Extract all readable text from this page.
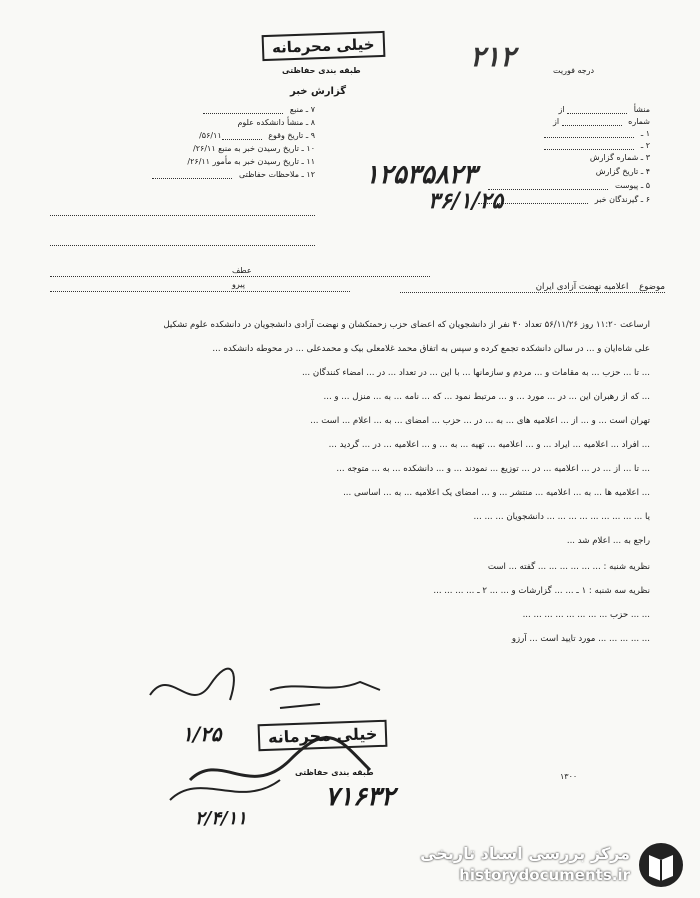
خیلی محرمانه
طبقه بندی حفاظتی
گزارش خبر
۲۱۲	درجه فوریت
۷ ـ منبع
۸ ـ منشأ دانشکده علوم
۹ ـ تاریخ وقوع ۵۶/۱۱/
۱۰ ـ تاریخ رسیدن خبر به منبع ۲۶/۱۱/
۱۱ ـ تاریخ رسیدن خبر به مأمور ۲۶/۱۱/
۱۲ ـ ملاحظات حفاظتی
منشأ  از
شماره  از
۱ ـ
۲ ـ
۳ ـ شماره گزارش
۴ ـ تاریخ گزارش
۵ ـ پیوست
۶ ـ گیرندگان خبر
۱۲۵۳۵۸۲۳
۳۶/۱/۲۵
عطف
پیرو	موضوع اعلامیه نهضت آزادی ایران
ارساعت ۱۱:۲۰ روز ۵۶/۱۱/۲۶ تعداد ۴۰ نفر از دانشجویان که اعضای حزب زحمتکشان و نهضت آزادی دانشجویان در دانشکده علوم تشکیل
علی شاه‌ایان و ... در سالن دانشکده تجمع کرده و سپس به اتفاق محمد غلامعلی بیک و محمدعلی ... در محوطه دانشکده ...
... تا ... حزب ... به مقامات و ... مردم و سازمانها ... با این ... در تعداد ... در ... امضاء کنندگان ...
... که از رهبران این ... در ... مورد ... و ... مرتبط نمود ... که ... نامه ... به ... منزل ... و ...
تهران است ... و ... از ... اعلامیه های ... به ... در ... حزب ... امضای ... به ... اعلام ... است ...
... افراد ... اعلامیه ... ایراد ... و ... اعلامیه ... تهیه ... به ... و ... اعلامیه ... در ... گردید ...
... تا ... از ... در ... اعلامیه ... در ... توزیع ... نمودند ... و ... دانشکده ... به ... متوجه ...
... اعلامیه ها ... به ... اعلامیه ... منتشر ... و ... امضای یک اعلامیه ... به ... اساسی ...
یا ... ... ... ... ... ... ... ... ... دانشجویان ... ... ...
راجع به ... اعلام شد ...
نظریه شنبه : ... ... ... ... ... ... گفته ... است
نظریه سه شنبه : ۱ ـ ... ... گزارشات و ... ... ۲ ـ ... ... ... ...
... ... حزب ... ... ... ... ... ... ... ...
... ... ... ... ... مورد تایید است ... آرزو
۱/۲۵	خیلی محرمانه
طبقه بندی حفاظتی
۷۱۶۳۲
۲/۴/۱۱
۱۳۰۰
مرکز بررسی اسناد تاریخی
historydocuments.ir
